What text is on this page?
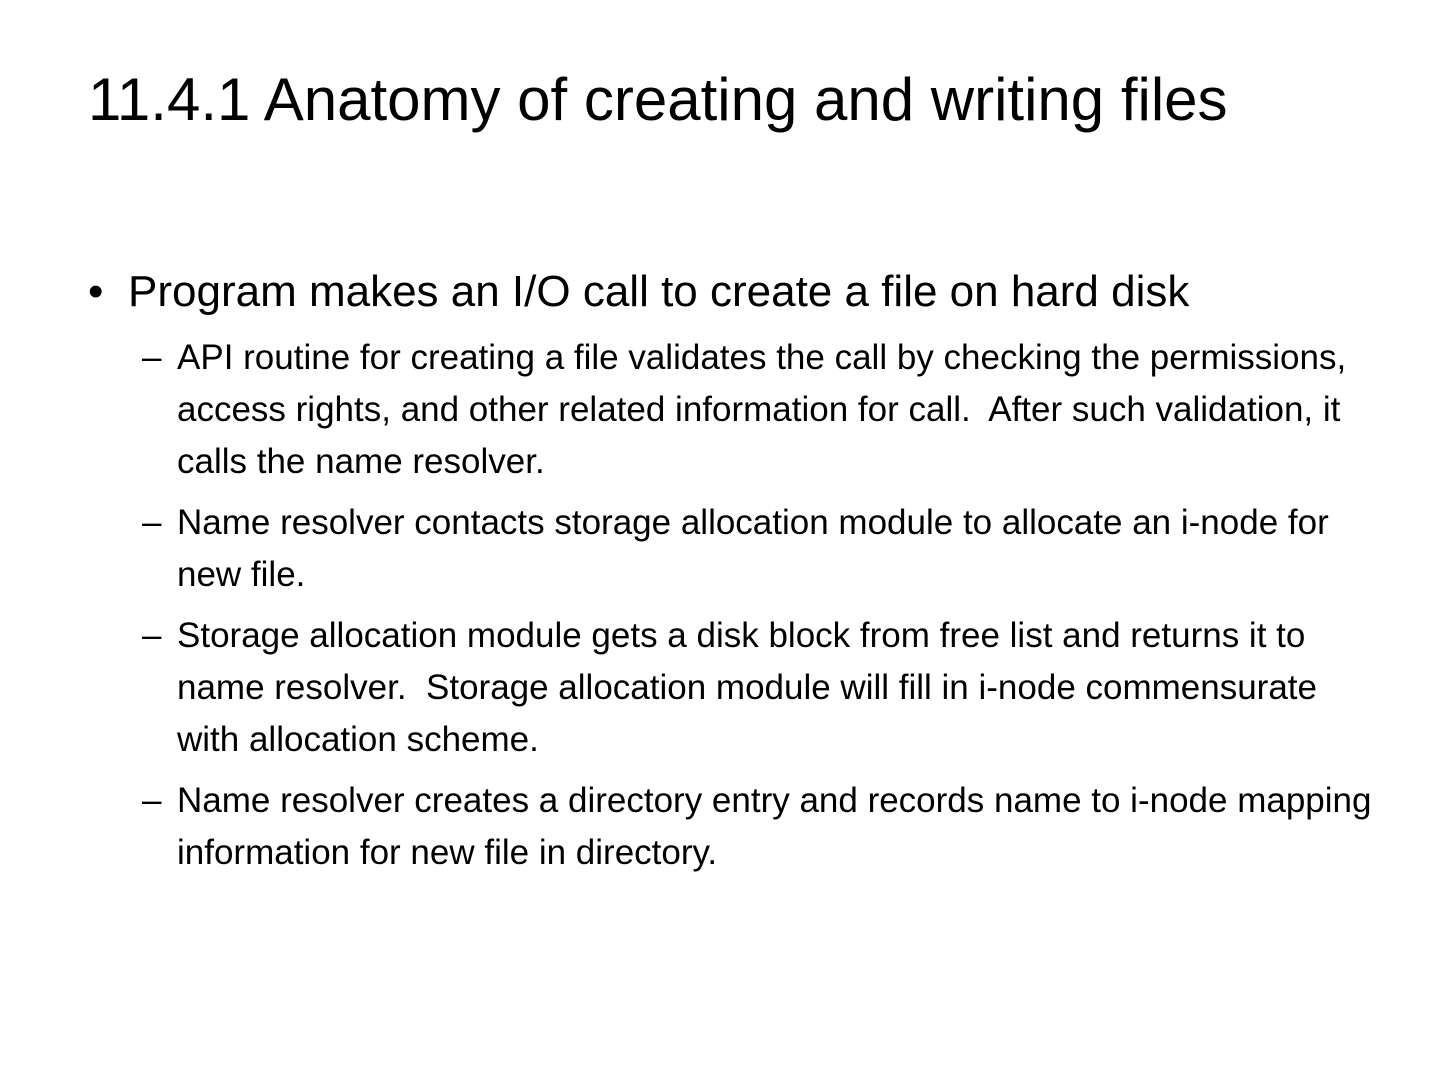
11.4.1 Anatomy of creating and writing files
• Program makes an I/O call to create a file on hard disk
– API routine for creating a file validates the call by checking the permissions, access rights, and other related information for call.  After such validation, it calls the name resolver.
– Name resolver contacts storage allocation module to allocate an i-node for new file.
– Storage allocation module gets a disk block from free list and returns it to name resolver.  Storage allocation module will fill in i-node commensurate with allocation scheme.
– Name resolver creates a directory entry and records name to i-node mapping information for new file in directory.
